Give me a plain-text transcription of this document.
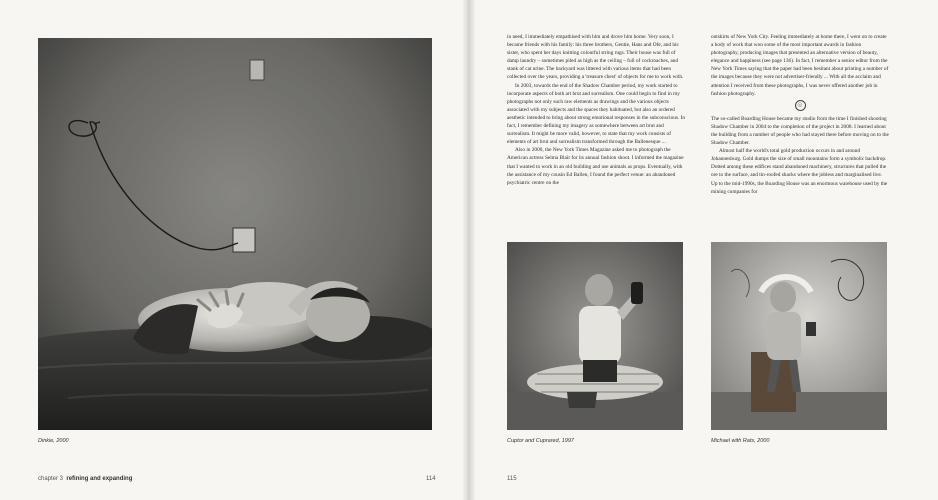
Dinkie, 2000
chapter 3 refining and expanding	114	115

in need, I immediately empathised with him and drove him home. Very soon, I became friends with his family: his three brothers, Gentie, Hans and Ofe, and his sister, who spent her days knitting colourful string rugs. Their house was full of damp laundry – sometimes piled as high as the ceiling – full of cockroaches, and stank of cat urine. The backyard was littered with various items that had been collected over the years, providing a 'treasure chest' of objects for me to work with.

In 2003, towards the end of the Shadow Chamber period, my work started to incorporate aspects of both art brut and surrealism. One could begin to find in my photographs not only such raw elements as drawings and the various objects associated with my subjects and the spaces they habituated, but also an ordered aesthetic intended to bring about strong emotional responses in the subconscious. In fact, I remember defining my imagery as somewhere between art brut and surrealism. It might be more valid, however, to state that my work consists of elements of art brut and surrealism transformed through the Ballenesque ...

Also in 2000, the New York Times Magazine asked me to photograph the American actress Selma Blair for its annual fashion shoot. I informed the magazine that I wanted to work in an old building and use animals as props. Eventually, with the assistance of my cousin Ed Ballen, I found the perfect venue: an abandoned psychiatric centre on the

outskirts of New York City. Feeling immediately at home there, I went on to create a body of work that won some of the most important awards in fashion photography, producing images that presented an alternative version of beauty, elegance and happiness (see page 136). In fact, I remember a senior editor from the New York Times saying that the paper had been hesitant about printing a number of the images because they were not advertiser-friendly ... With all the acclaim and attention I received from these photographs, I was never offered another job in fashion photography.

☉

The so-called Boarding House became my studio from the time I finished shooting Shadow Chamber in 2004 to the completion of the project in 2008. I learned about the building from a number of people who had stayed there before moving on to the Shadow Chamber.

Almost half the world's total gold production occurs in and around Johannesburg. Gold dumps the size of small mountains form a symbolic backdrop. Dotted among these edifices stand abandoned machinery, structures that pulled the ore to the surface, and tin-roofed shacks where the jobless and marginalised live. Up to the mid-1990s, the Boarding House was an enormous warehouse used by the mining companies for

Cuptor and Cuprared, 1997	Michael with Rats, 2000
